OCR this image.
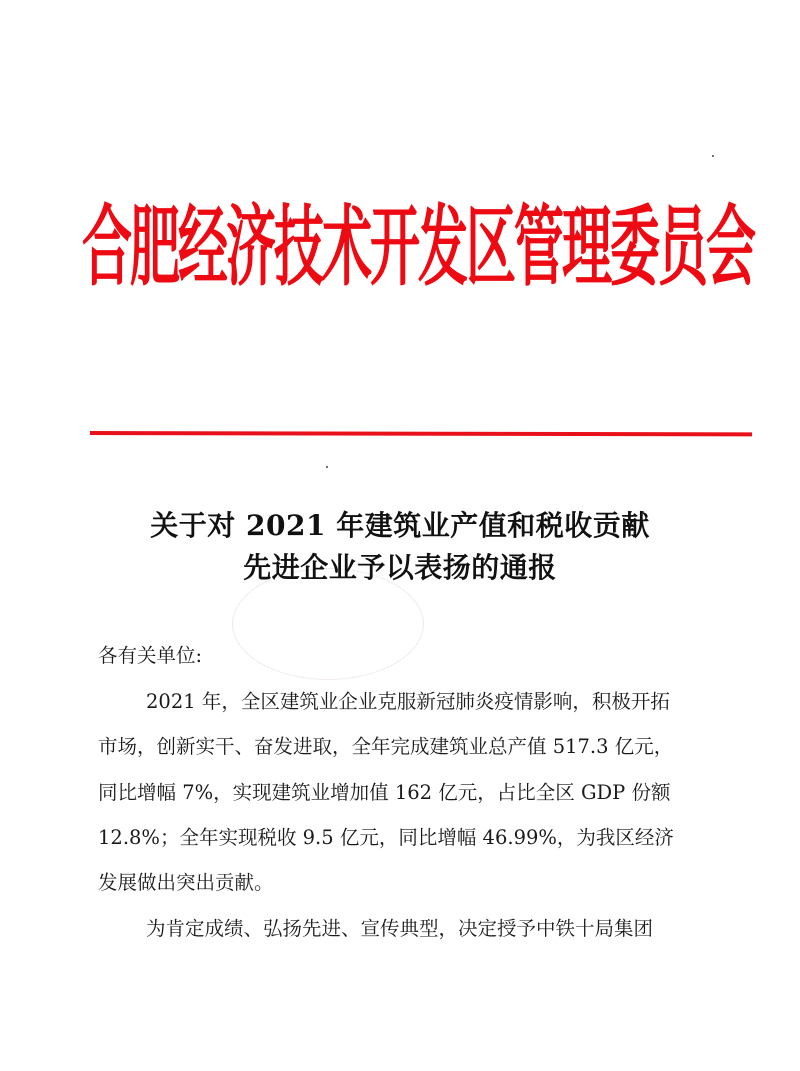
合肥经济技术开发区管理委员会
关于对 2021 年建筑业产值和税收贡献
先进企业予以表扬的通报
各有关单位:
2021 年，全区建筑业企业克服新冠肺炎疫情影响，积极开拓
市场，创新实干、奋发进取，全年完成建筑业总产值 517.3 亿元，
同比增幅 7%，实现建筑业增加值 162 亿元，占比全区 GDP 份额
12.8%；全年实现税收 9.5 亿元，同比增幅 46.99%，为我区经济
发展做出突出贡献。
为肯定成绩、弘扬先进、宣传典型，决定授予中铁十局集团
